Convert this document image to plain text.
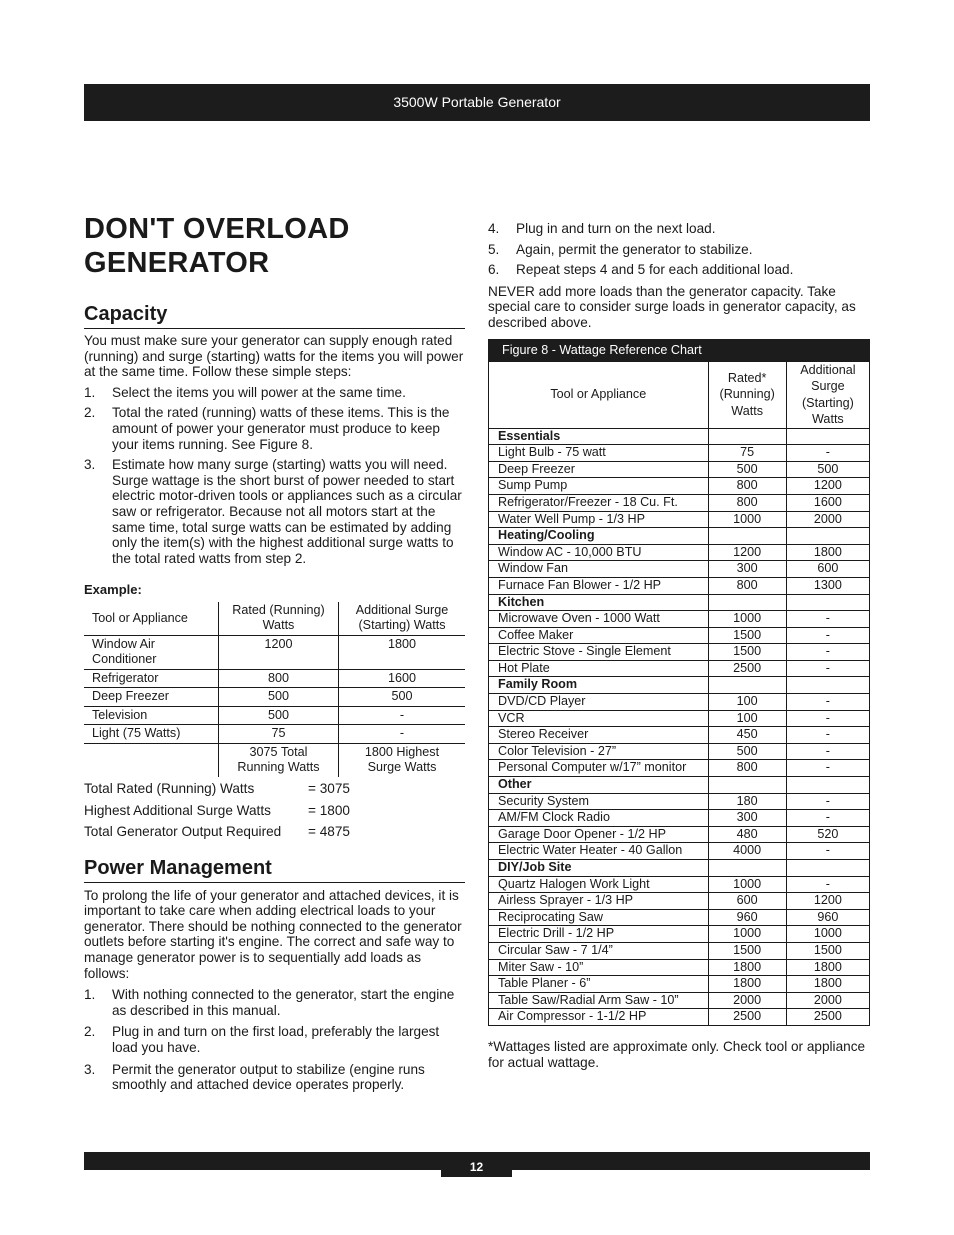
3500W Portable Generator
DON'T OVERLOAD
GENERATOR
Capacity

You must make sure your generator can supply enough rated (running) and surge (starting) watts for the items you will power at the same time. Follow these simple steps:

1. Select the items you will power at the same time.
2. Total the rated (running) watts of these items. This is the amount of power your generator must produce to keep your items running. See Figure 8.
3. Estimate how many surge (starting) watts you will need. Surge wattage is the short burst of power needed to start electric motor-driven tools or appliances such as a circular saw or refrigerator. Because not all motors start at the same time, total surge watts can be estimated by adding only the item(s) with the highest additional surge watts to the total rated watts from step 2.

Example:

Tool or Appliance	Rated (Running) Watts	Additional Surge (Starting) Watts
Window Air Conditioner	1200	1800
Refrigerator	800	1600
Deep Freezer	500	500
Television	500	-
Light (75 Watts)	75	-
	3075 Total Running Watts	1800 Highest Surge Watts
Total Rated (Running) Watts	= 3075
Highest Additional Surge Watts	= 1800
Total Generator Output Required	= 4875
Power Management

To prolong the life of your generator and attached devices, it is important to take care when adding electrical loads to your generator. There should be nothing connected to the generator outlets before starting it's engine. The correct and safe way to manage generator power is to sequentially add loads as follows:

1. With nothing connected to the generator, start the engine as described in this manual.
2. Plug in and turn on the first load, preferably the largest load you have.
3. Permit the generator output to stabilize (engine runs smoothly and attached device operates properly.
4. Plug in and turn on the next load.
5. Again, permit the generator to stabilize.
6. Repeat steps 4 and 5 for each additional load.

NEVER add more loads than the generator capacity. Take special care to consider surge loads in generator capacity, as described above.

Figure 8 - Wattage Reference Chart
Tool or Appliance	Rated* (Running) Watts	Additional Surge (Starting) Watts
Essentials		
Light Bulb - 75 watt	75	-
Deep Freezer	500	500
Sump Pump	800	1200
Refrigerator/Freezer - 18 Cu. Ft.	800	1600
Water Well Pump - 1/3 HP	1000	2000
Heating/Cooling		
Window AC - 10,000 BTU	1200	1800
Window Fan	300	600
Furnace Fan Blower - 1/2 HP	800	1300
Kitchen		
Microwave Oven - 1000 Watt	1000	-
Coffee Maker	1500	-
Electric Stove - Single Element	1500	-
Hot Plate	2500	-
Family Room		
DVD/CD Player	100	-
VCR	100	-
Stereo Receiver	450	-
Color Television - 27”	500	-
Personal Computer w/17” monitor	800	-
Other		
Security System	180	-
AM/FM Clock Radio	300	-
Garage Door Opener - 1/2 HP	480	520
Electric Water Heater - 40 Gallon	4000	-
DIY/Job Site		
Quartz Halogen Work Light	1000	-
Airless Sprayer - 1/3 HP	600	1200
Reciprocating Saw	960	960
Electric Drill - 1/2 HP	1000	1000
Circular Saw - 7 1/4”	1500	1500
Miter Saw - 10”	1800	1800
Table Planer - 6”	1800	1800
Table Saw/Radial Arm Saw - 10”	2000	2000
Air Compressor - 1-1/2 HP	2500	2500

*Wattages listed are approximate only. Check tool or appliance for actual wattage.

12
